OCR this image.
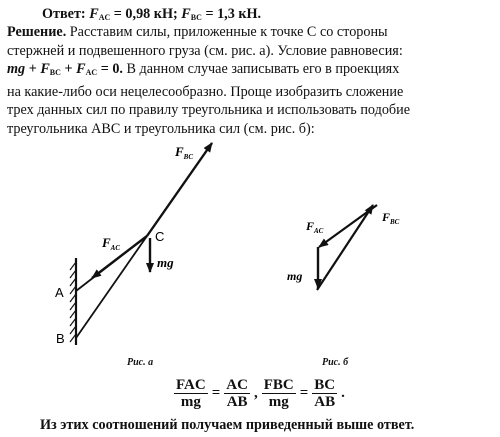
Ответ: $F_{AC} = 0,98$ кН; $F_{BC} = 1,3$ кН.
Решение. Расставим силы, приложенные к точке C со стороны
стержней и подвешенного груза (см. рис. а). Условие равновесия:
mg + $F_{BC} + F_{AC} = 0$. В данном случае записывать его в проекциях
на какие-либо оси нецелесообразно. Проще изобразить сложение
трех данных сил по правилу треугольника и использовать подобие
треугольника ABC и треугольника сил (см. рис. б):
$F_{BC}$
$F_{AC}$
C
mg
A
B
$F_{AC}$
$F_{BC}$
mg
Рис. а	Рис. б
$\frac{\text{FAC}}{mg} = \frac{AC}{AB}$ , $\frac{\text{FBC}}{mg} = \frac{BC}{AB}$ .
Из этих соотношений получаем приведенный выше ответ.
